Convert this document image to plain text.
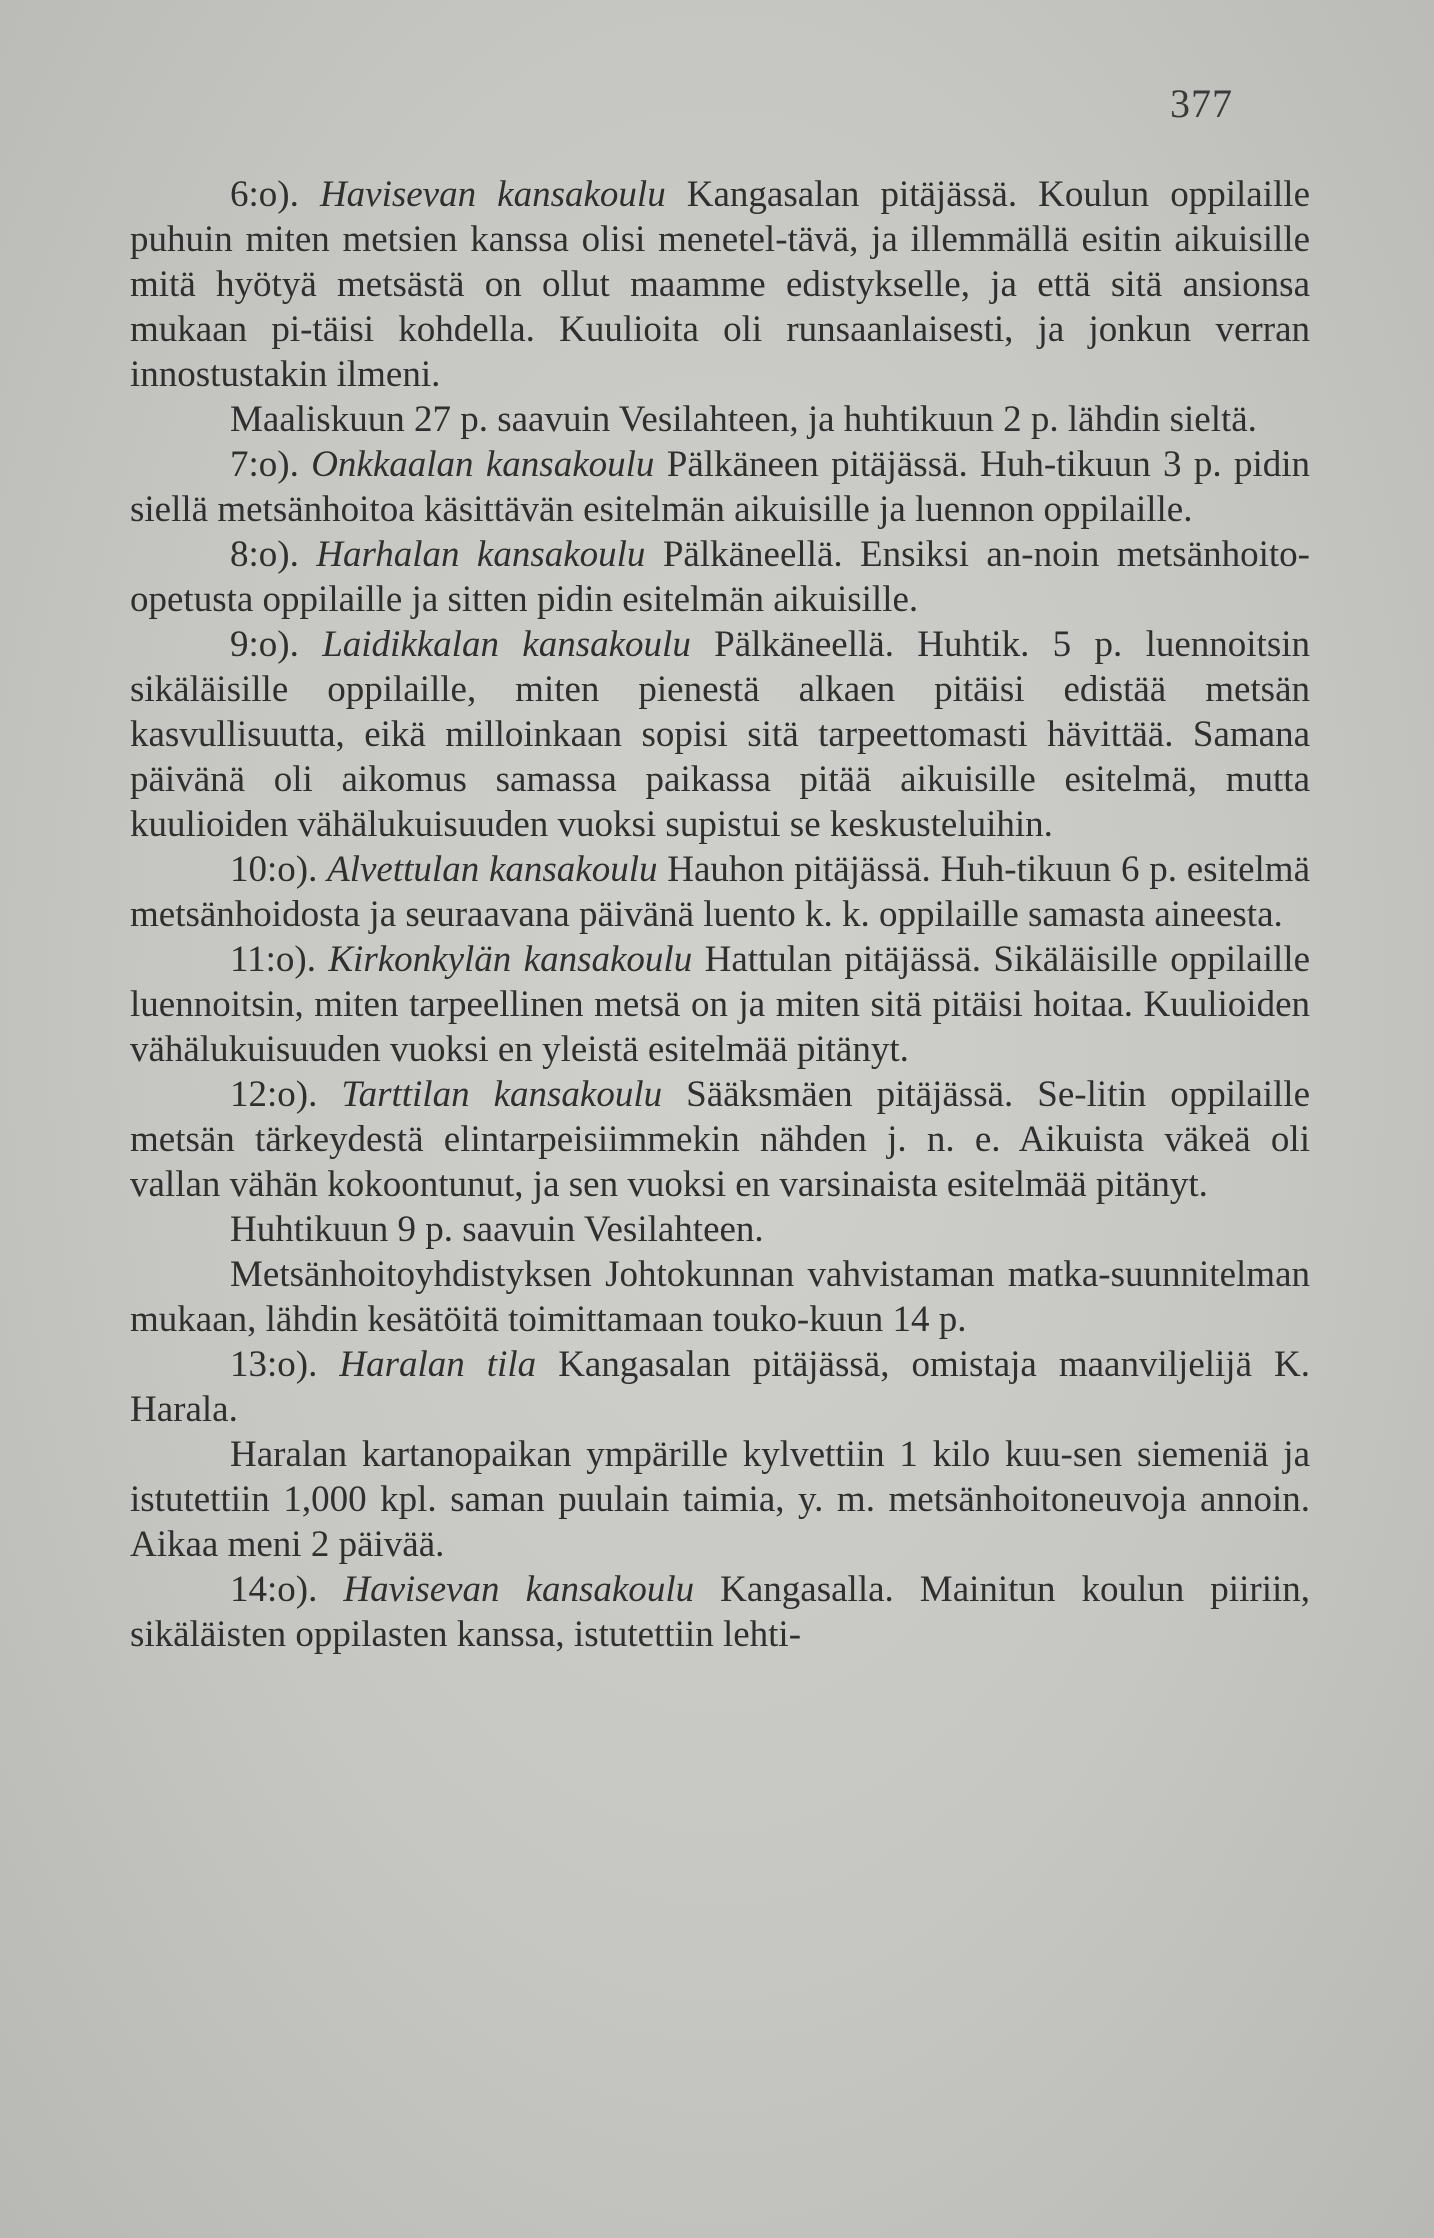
377

6:o). Havisevan kansakoulu Kangasalan pitäjässä. Koulun oppilaille puhuin miten metsien kanssa olisi menetel-tävä, ja illemmällä esitin aikuisille mitä hyötyä metsästä on ollut maamme edistykselle, ja että sitä ansionsa mukaan pi-täisi kohdella. Kuulioita oli runsaanlaisesti, ja jonkun verran innostustakin ilmeni.

Maaliskuun 27 p. saavuin Vesilahteen, ja huhtikuun 2 p. lähdin sieltä.

7:o). Onkkaalan kansakoulu Pälkäneen pitäjässä. Huh-tikuun 3 p. pidin siellä metsänhoitoa käsittävän esitelmän aikuisille ja luennon oppilaille.

8:o). Harhalan kansakoulu Pälkäneellä. Ensiksi an-noin metsänhoito-opetusta oppilaille ja sitten pidin esitelmän aikuisille.

9:o). Laidikkalan kansakoulu Pälkäneellä. Huhtik. 5 p. luennoitsin sikäläisille oppilaille, miten pienestä alkaen pitäisi edistää metsän kasvullisuutta, eikä milloinkaan sopisi sitä tarpeettomasti hävittää. Samana päivänä oli aikomus samassa paikassa pitää aikuisille esitelmä, mutta kuulioiden vähälukuisuuden vuoksi supistui se keskusteluihin.

10:o). Alvettulan kansakoulu Hauhon pitäjässä. Huh-tikuun 6 p. esitelmä metsänhoidosta ja seuraavana päivänä luento k. k. oppilaille samasta aineesta.

11:o). Kirkonkylän kansakoulu Hattulan pitäjässä. Sikäläisille oppilaille luennoitsin, miten tarpeellinen metsä on ja miten sitä pitäisi hoitaa. Kuulioiden vähälukuisuuden vuoksi en yleistä esitelmää pitänyt.

12:o). Tarttilan kansakoulu Sääksmäen pitäjässä. Se-litin oppilaille metsän tärkeydestä elintarpeisiimmekin nähden j. n. e. Aikuista väkeä oli vallan vähän kokoontunut, ja sen vuoksi en varsinaista esitelmää pitänyt.

Huhtikuun 9 p. saavuin Vesilahteen.

Metsänhoitoyhdistyksen Johtokunnan vahvistaman matka-suunnitelman mukaan, lähdin kesätöitä toimittamaan touko-kuun 14 p.

13:o). Haralan tila Kangasalan pitäjässä, omistaja maanviljelijä K. Harala.

Haralan kartanopaikan ympärille kylvettiin 1 kilo kuu-sen siemeniä ja istutettiin 1,000 kpl. saman puulain taimia, y. m. metsänhoitoneuvoja annoin. Aikaa meni 2 päivää.

14:o). Havisevan kansakoulu Kangasalla. Mainitun koulun piiriin, sikäläisten oppilasten kanssa, istutettiin lehti-
